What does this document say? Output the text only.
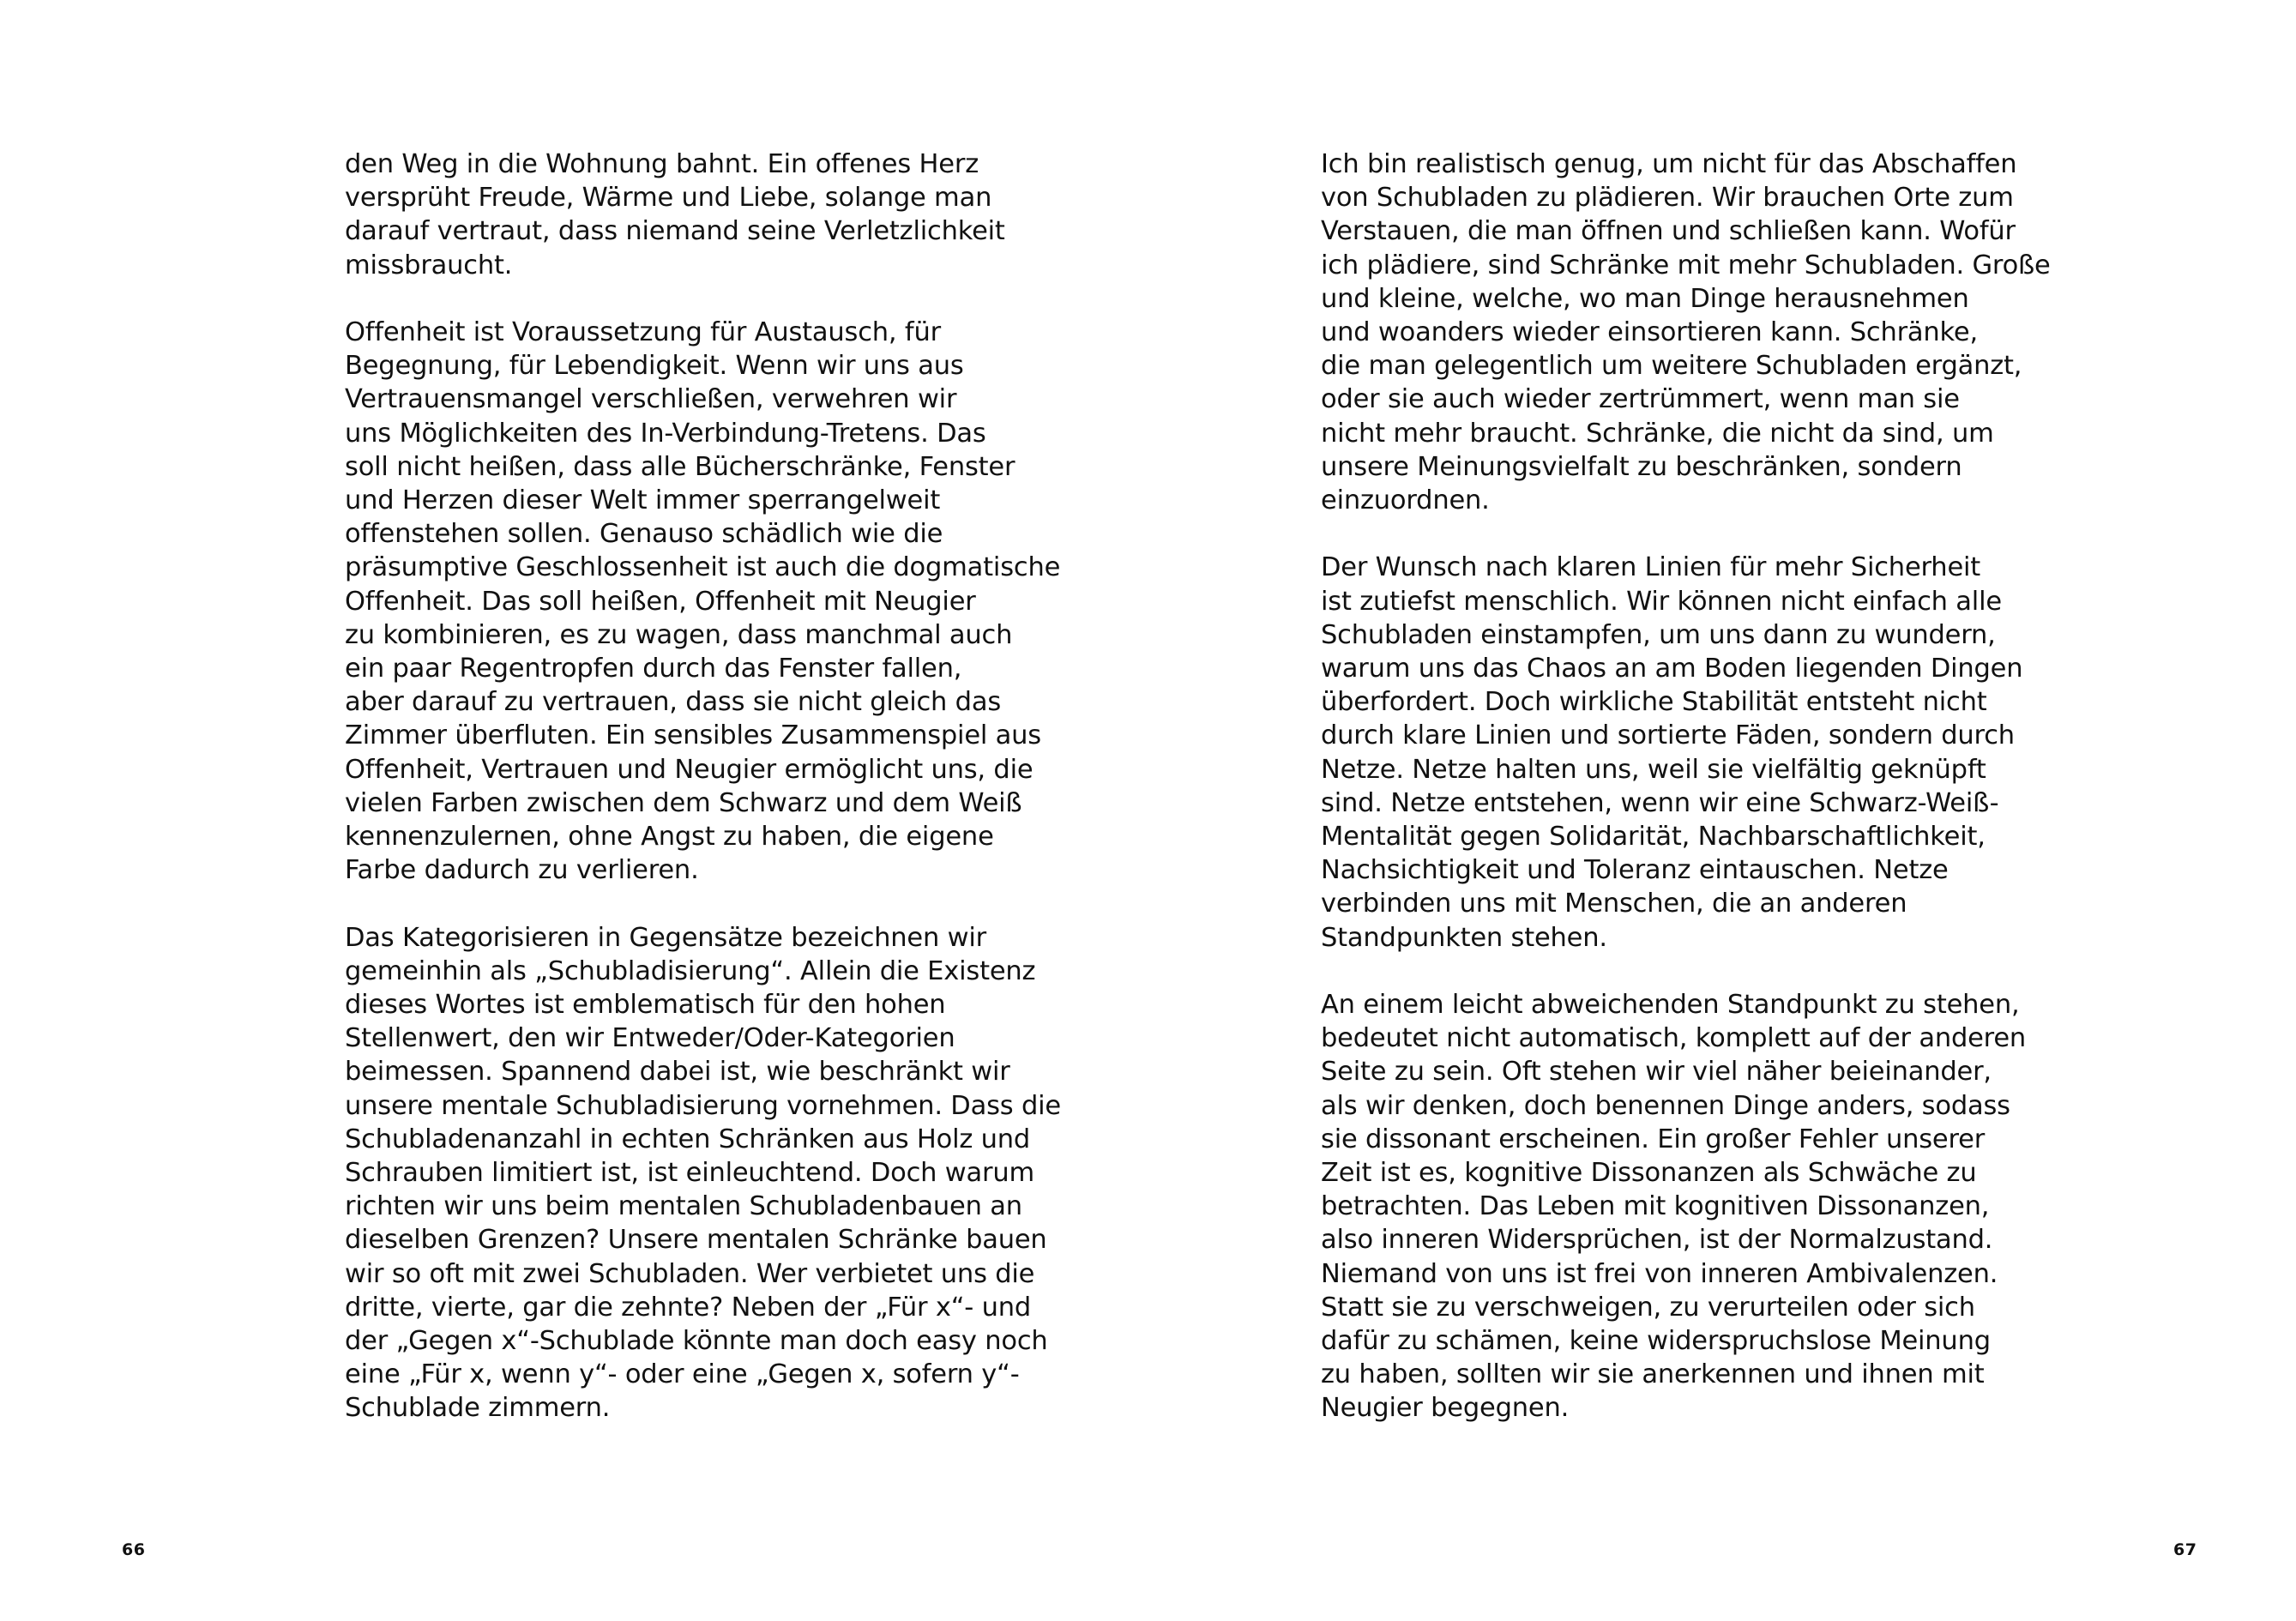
den Weg in die Wohnung bahnt. Ein offenes Herz
versprüht Freude, Wärme und Liebe, solange man
darauf vertraut, dass niemand seine Verletzlichkeit
missbraucht.

Offenheit ist Voraussetzung für Austausch, für
Begegnung, für Lebendigkeit. Wenn wir uns aus
Vertrauensmangel verschließen, verwehren wir
uns Möglichkeiten des In-Verbindung-Tretens. Das
soll nicht heißen, dass alle Bücherschränke, Fenster
und Herzen dieser Welt immer sperrangelweit
offenstehen sollen. Genauso schädlich wie die
präsumptive Geschlossenheit ist auch die dogmatische
Offenheit. Das soll heißen, Offenheit mit Neugier
zu kombinieren, es zu wagen, dass manchmal auch
ein paar Regentropfen durch das Fenster fallen,
aber darauf zu vertrauen, dass sie nicht gleich das
Zimmer überfluten. Ein sensibles Zusammenspiel aus
Offenheit, Vertrauen und Neugier ermöglicht uns, die
vielen Farben zwischen dem Schwarz und dem Weiß
kennenzulernen, ohne Angst zu haben, die eigene
Farbe dadurch zu verlieren.

Das Kategorisieren in Gegensätze bezeichnen wir
gemeinhin als „Schubladisierung“. Allein die Existenz
dieses Wortes ist emblematisch für den hohen
Stellenwert, den wir Entweder/Oder-Kategorien
beimessen. Spannend dabei ist, wie beschränkt wir
unsere mentale Schubladisierung vornehmen. Dass die
Schubladenanzahl in echten Schränken aus Holz und
Schrauben limitiert ist, ist einleuchtend. Doch warum
richten wir uns beim mentalen Schubladenbauen an
dieselben Grenzen? Unsere mentalen Schränke bauen
wir so oft mit zwei Schubladen. Wer verbietet uns die
dritte, vierte, gar die zehnte? Neben der „Für x“- und
der „Gegen x“-Schublade könnte man doch easy noch
eine „Für x, wenn y“- oder eine „Gegen x, sofern y“-
Schublade zimmern.

66

Ich bin realistisch genug, um nicht für das Abschaffen
von Schubladen zu plädieren. Wir brauchen Orte zum
Verstauen, die man öffnen und schließen kann. Wofür
ich plädiere, sind Schränke mit mehr Schubladen. Große
und kleine, welche, wo man Dinge herausnehmen
und woanders wieder einsortieren kann. Schränke,
die man gelegentlich um weitere Schubladen ergänzt,
oder sie auch wieder zertrümmert, wenn man sie
nicht mehr braucht. Schränke, die nicht da sind, um
unsere Meinungsvielfalt zu beschränken, sondern
einzuordnen.

Der Wunsch nach klaren Linien für mehr Sicherheit
ist zutiefst menschlich. Wir können nicht einfach alle
Schubladen einstampfen, um uns dann zu wundern,
warum uns das Chaos an am Boden liegenden Dingen
überfordert. Doch wirkliche Stabilität entsteht nicht
durch klare Linien und sortierte Fäden, sondern durch
Netze. Netze halten uns, weil sie vielfältig geknüpft
sind. Netze entstehen, wenn wir eine Schwarz-Weiß-
Mentalität gegen Solidarität, Nachbarschaftlichkeit,
Nachsichtigkeit und Toleranz eintauschen. Netze
verbinden uns mit Menschen, die an anderen
Standpunkten stehen.

An einem leicht abweichenden Standpunkt zu stehen,
bedeutet nicht automatisch, komplett auf der anderen
Seite zu sein. Oft stehen wir viel näher beieinander,
als wir denken, doch benennen Dinge anders, sodass
sie dissonant erscheinen. Ein großer Fehler unserer
Zeit ist es, kognitive Dissonanzen als Schwäche zu
betrachten. Das Leben mit kognitiven Dissonanzen,
also inneren Widersprüchen, ist der Normalzustand.
Niemand von uns ist frei von inneren Ambivalenzen.
Statt sie zu verschweigen, zu verurteilen oder sich
dafür zu schämen, keine widerspruchslose Meinung
zu haben, sollten wir sie anerkennen und ihnen mit
Neugier begegnen.

67
